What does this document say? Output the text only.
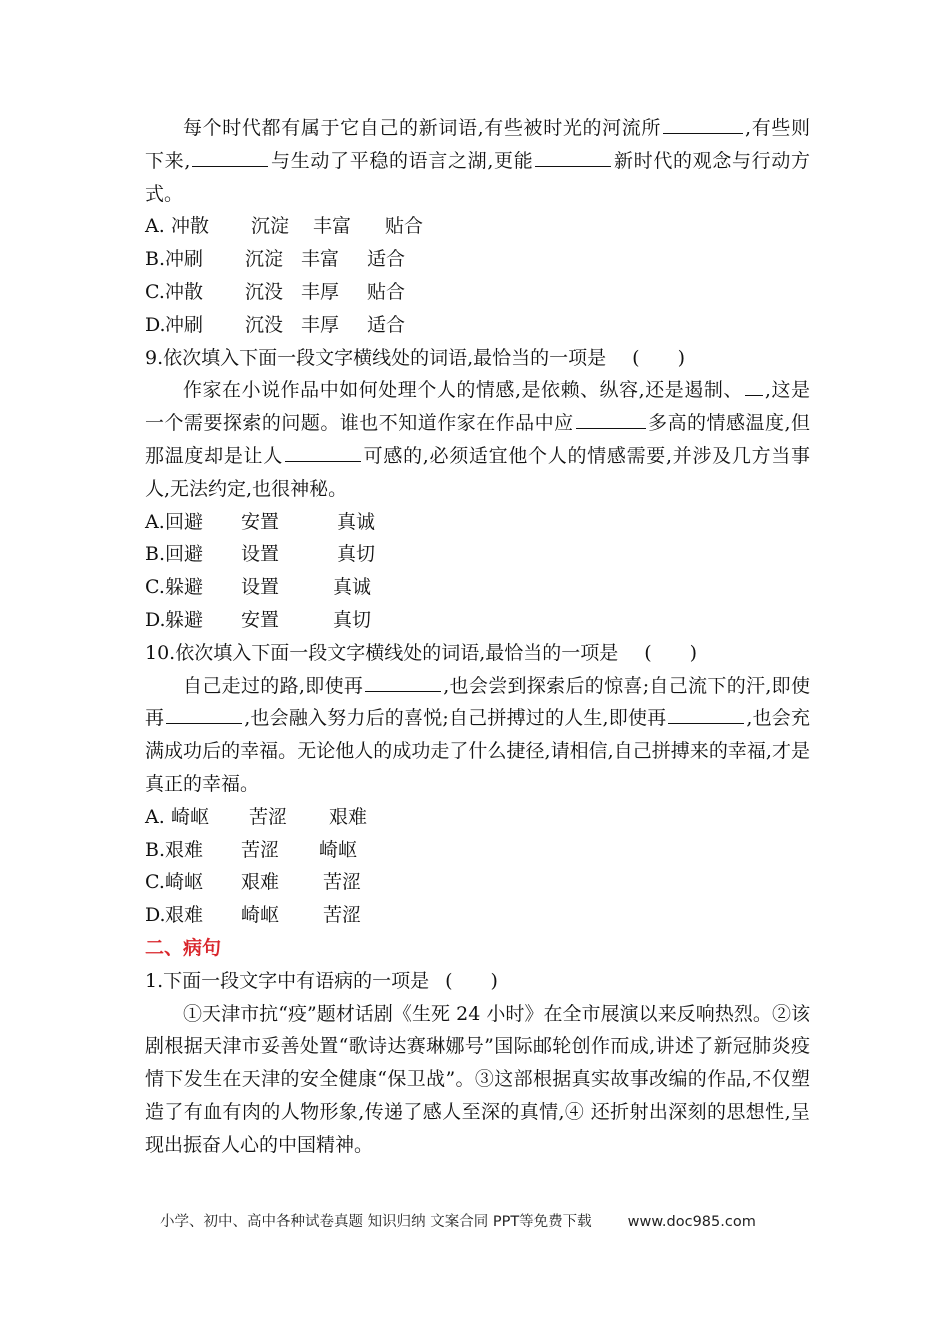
每个时代都有属于它自己的新词语,有些被时光的河流所	,有些则下来,	与生动了平稳的语言之湖,更能	新时代的观念与行动方式。

A. 冲散	沉淀	丰富	贴合

B. 冲刷	沉淀 丰富	适合

C. 冲散	沉没 丰厚	贴合

D. 冲刷	沉没 丰厚	适合

9.依次填入下面一段文字横线处的词语,最恰当的一项是 (　　)

作家在小说作品中如何处理个人的情感,是依赖、纵容,还是遏制、 ,这是一个需要探索的问题。谁也不知道作家在作品中应	多高的情感温度,但那温度却是让人	可感的,必须适宜他个人的情感需要,并涉及几方当事人,无法约定,也很神秘。

A. 回避	安置	真诚

B. 回避	设置	真切

C. 躲避	设置	真诚

D. 躲避	安置	真切

10.依次填入下面一段文字横线处的词语,最恰当的一项是 (　　)

自己走过的路,即使再	,也会尝到探索后的惊喜;自己流下的汗,即使再	,也会融入努力后的喜悦;自己拼搏过的人生,即使再	,也会充满成功后的幸福。无论他人的成功走了什么捷径,请相信,自己拼搏来的幸福,才是真正的幸福。

A. 崎岖	苦涩	艰难

B. 艰难	苦涩	崎岖

C. 崎岖	艰难	苦涩

D. 艰难	崎岖	苦涩

二、病句

1.下面一段文字中有语病的一项是 (　　)

①天津市抗“疫”题材话剧《生死 24 小时》在全市展演以来反响热烈。②该剧根据天津市妥善处置“歌诗达赛琳娜号”国际邮轮创作而成,讲述了新冠肺炎疫情下发生在天津的安全健康“保卫战”。③这部根据真实故事改编的作品,不仅塑造了有血有肉的人物形象,传递了感人至深的真情,④ 还折射出深刻的思想性,呈现出振奋人心的中国精神。

小学、初中、高中各种试卷真题 知识归纳 文案合同 PPT等免费下载 www.doc985.com
